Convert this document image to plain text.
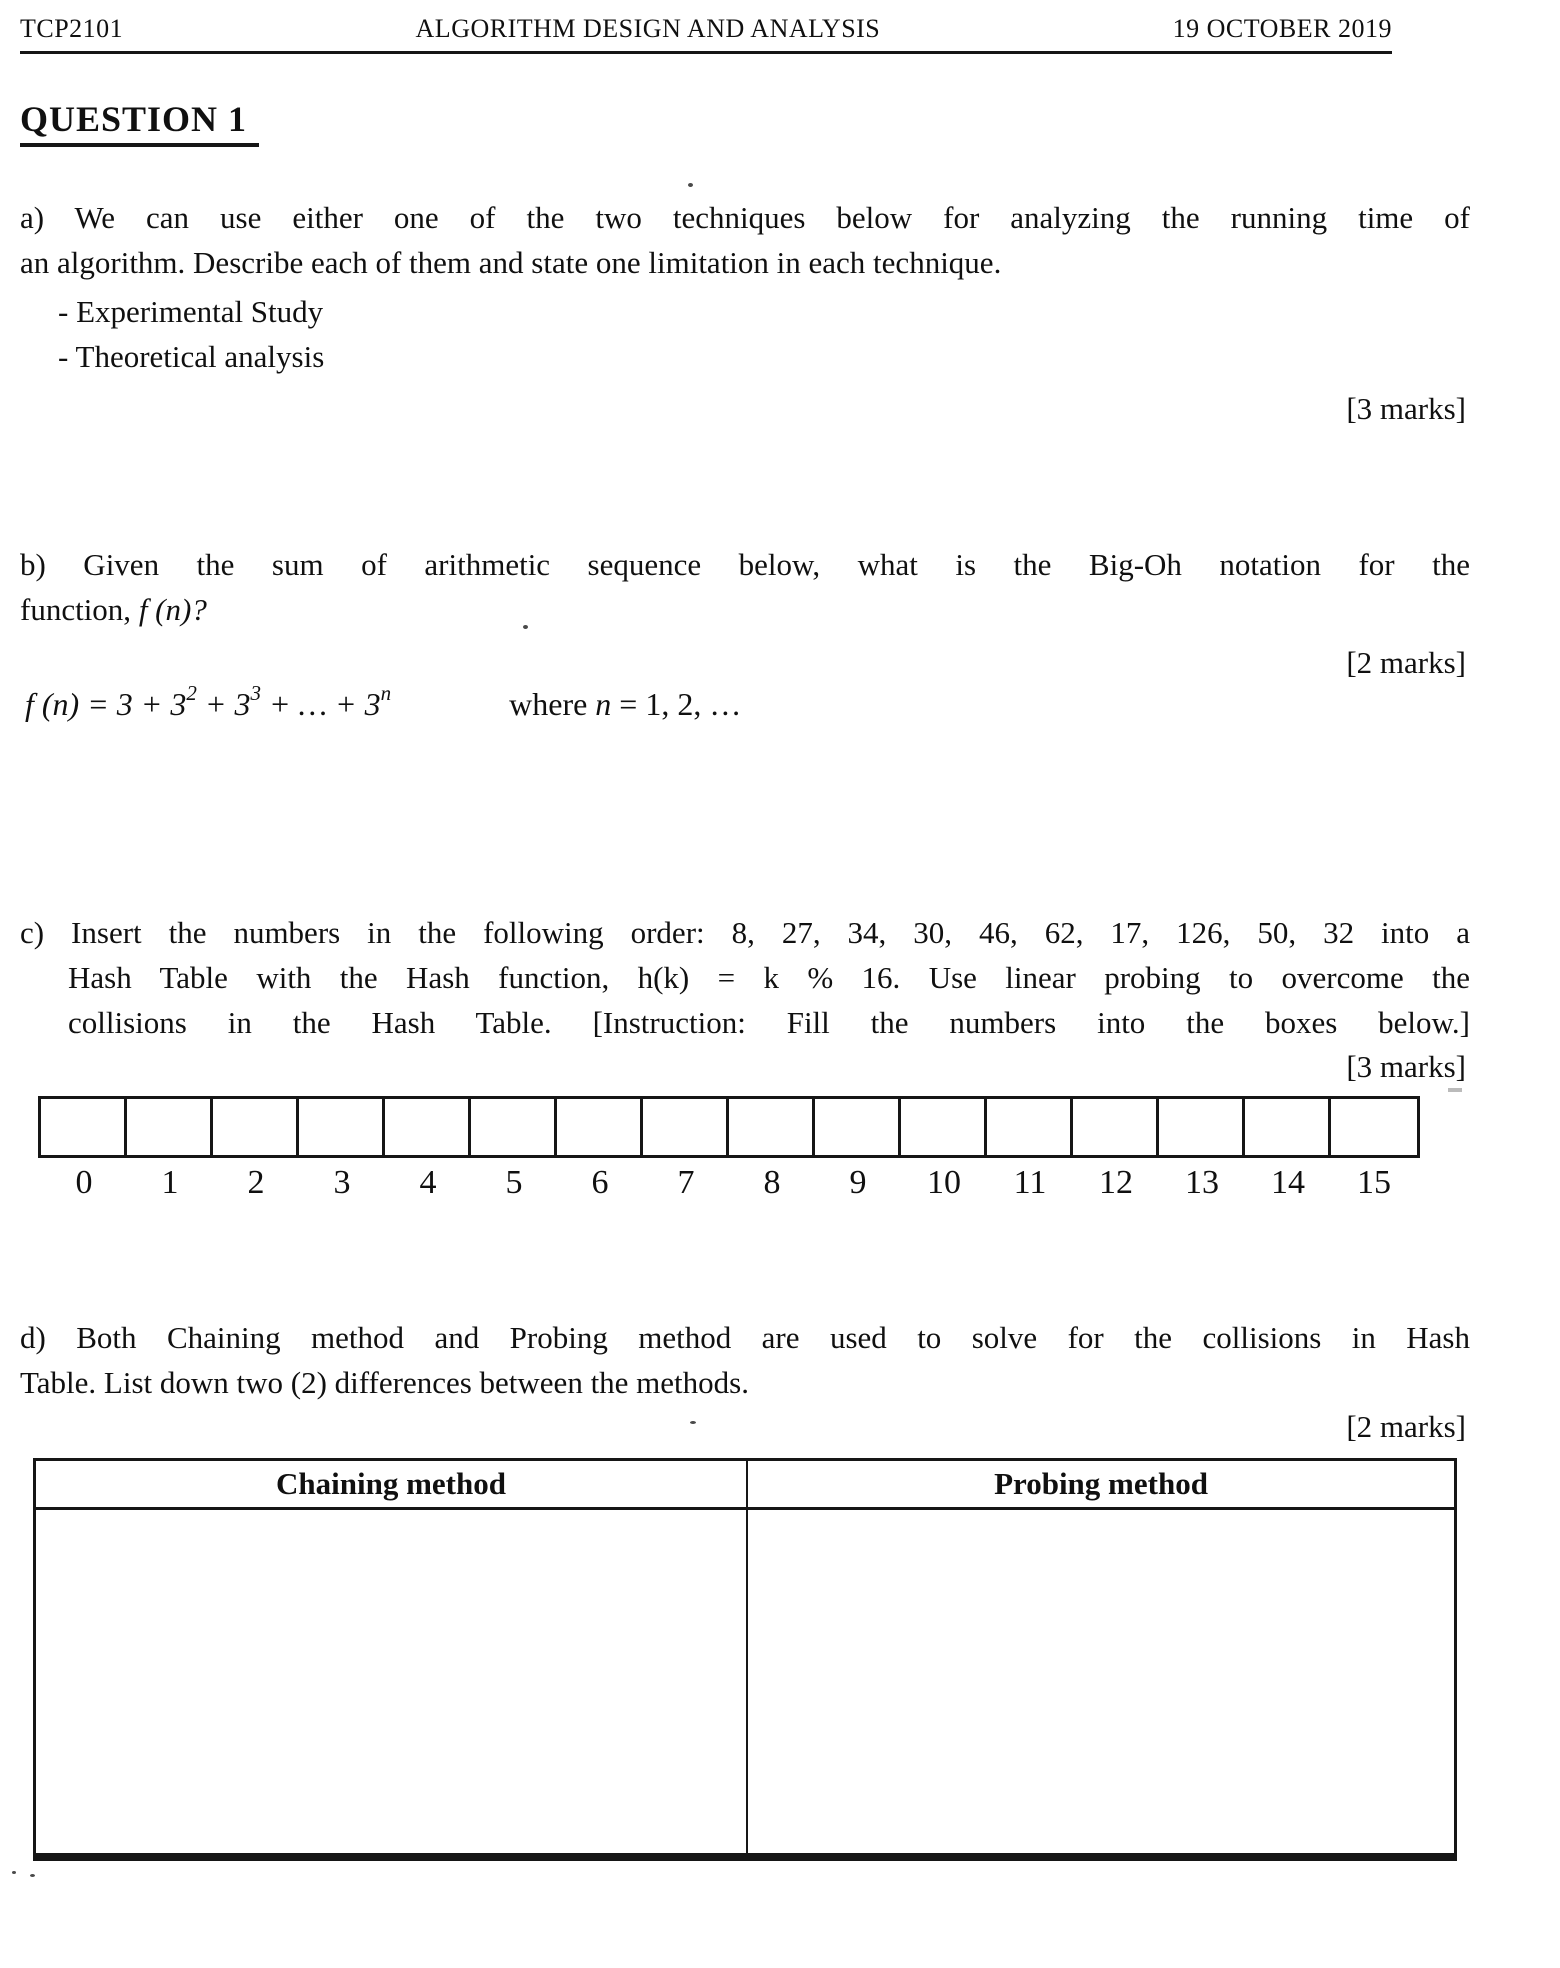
TCP2101	ALGORITHM DESIGN AND ANALYSIS	19 OCTOBER 2019
QUESTION 1
a) We can use either one of the two techniques below for analyzing the running time of
an algorithm. Describe each of them and state one limitation in each technique.
- Experimental Study
- Theoretical analysis
[3 marks]
b) Given the sum of arithmetic sequence below, what is the Big-Oh notation for the
function, f (n)?
[2 marks]
f $(n) = 3 + 3^2 + 3^3$ + … + $3^n$	where n = 1, 2, …
c) Insert the numbers in the following order: 8, 27, 34, 30, 46, 62, 17, 126, 50, 32 into a
Hash Table with the Hash function, h(k) = k % 16. Use linear probing to overcome the
collisions in the Hash Table. [Instruction: Fill the numbers into the boxes below.]
[3 marks]
0	1	2	3	4	5	6	7	8	9	10	11	12	13	14	15
d) Both Chaining method and Probing method are used to solve for the collisions in Hash
Table. List down two (2) differences between the methods.
[2 marks]
Chaining method	Probing method
